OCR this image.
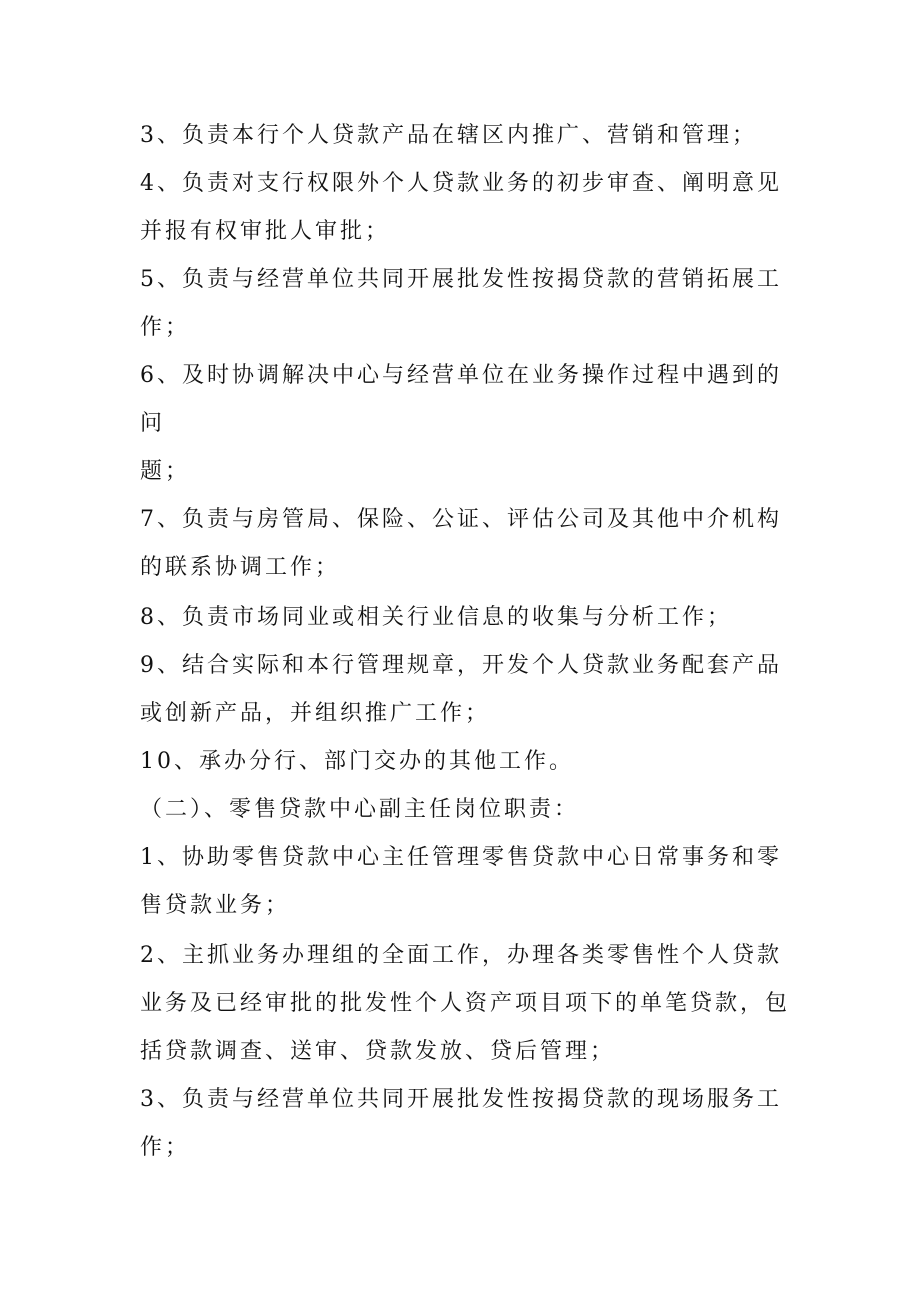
3、负责本行个人贷款产品在辖区内推广、营销和管理；
4、负责对支行权限外个人贷款业务的初步审查、阐明意见
并报有权审批人审批；
5、负责与经营单位共同开展批发性按揭贷款的营销拓展工
作；
6、及时协调解决中心与经营单位在业务操作过程中遇到的
问
题；
7、负责与房管局、保险、公证、评估公司及其他中介机构
的联系协调工作；
8、负责市场同业或相关行业信息的收集与分析工作；
9、结合实际和本行管理规章，开发个人贷款业务配套产品
或创新产品，并组织推广工作；
10、承办分行、部门交办的其他工作。
（二）、零售贷款中心副主任岗位职责：
1、协助零售贷款中心主任管理零售贷款中心日常事务和零
售贷款业务；
2、主抓业务办理组的全面工作，办理各类零售性个人贷款
业务及已经审批的批发性个人资产项目项下的单笔贷款，包
括贷款调查、送审、贷款发放、贷后管理；
3、负责与经营单位共同开展批发性按揭贷款的现场服务工
作；
